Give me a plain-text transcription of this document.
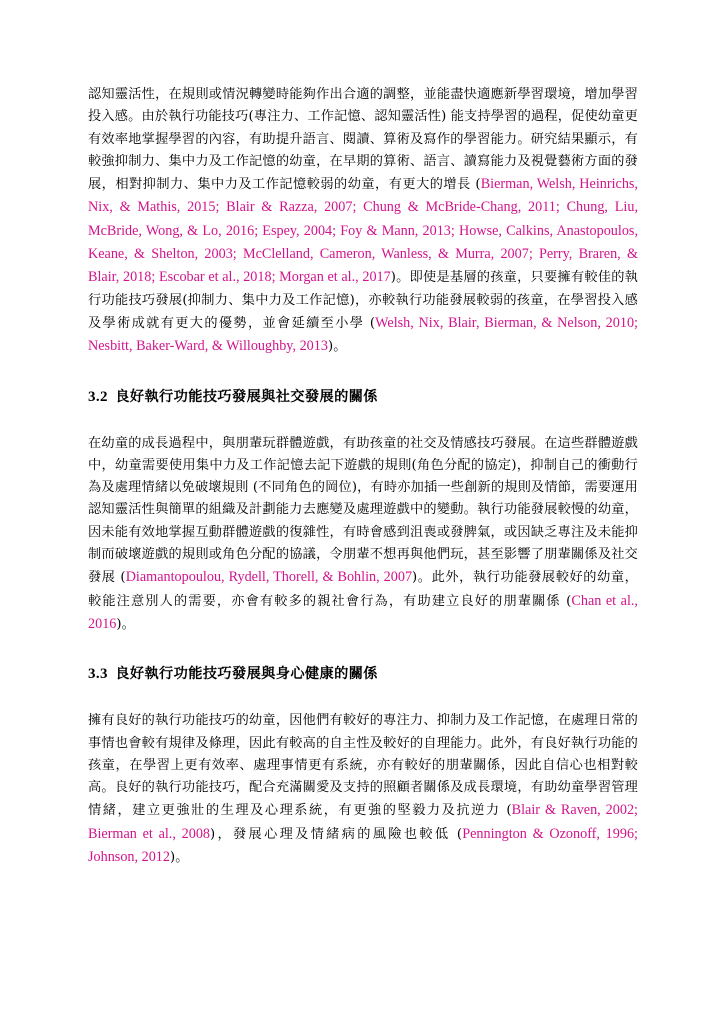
認知靈活性，在規則或情況轉變時能夠作出合適的調整，並能盡快適應新學習環境，增加學習投入感。由於執行功能技巧(專注力、工作記憶、認知靈活性) 能支持學習的過程，促使幼童更有效率地掌握學習的內容，有助提升語言、閱讀、算術及寫作的學習能力。研究結果顯示，有較強抑制力、集中力及工作記憶的幼童，在早期的算術、語言、讀寫能力及視覺藝術方面的發展，相對抑制力、集中力及工作記憶較弱的幼童，有更大的增長 (Bierman, Welsh, Heinrichs, Nix, & Mathis, 2015; Blair & Razza, 2007; Chung & McBride-Chang, 2011; Chung, Liu, McBride, Wong, & Lo, 2016; Espey, 2004; Foy & Mann, 2013; Howse, Calkins, Anastopoulos, Keane, & Shelton, 2003; McClelland, Cameron, Wanless, & Murra, 2007; Perry, Braren, & Blair, 2018; Escobar et al., 2018; Morgan et al., 2017)。即使是基層的孩童，只要擁有較佳的執行功能技巧發展(抑制力、集中力及工作記憶)，亦較執行功能發展較弱的孩童，在學習投入感及學術成就有更大的優勢，並會延續至小學 (Welsh, Nix, Blair, Bierman, & Nelson, 2010; Nesbitt, Baker-Ward, & Willoughby, 2013)。

3.2 良好執行功能技巧發展與社交發展的關係

在幼童的成長過程中，與朋輩玩群體遊戲，有助孩童的社交及情感技巧發展。在這些群體遊戲中，幼童需要使用集中力及工作記憶去記下遊戲的規則(角色分配的協定)，抑制自己的衝動行為及處理情緒以免破壞規則 (不同角色的岡位)，有時亦加插一些創新的規則及情節，需要運用認知靈活性與簡單的組織及計劃能力去應變及處理遊戲中的變動。執行功能發展較慢的幼童，因未能有效地掌握互動群體遊戲的復雜性，有時會感到沮喪或發脾氣，或因缺乏專注及未能抑制而破壞遊戲的規則或角色分配的協議，令朋輩不想再與他們玩，甚至影響了朋輩關係及社交發展 (Diamantopoulou, Rydell, Thorell, & Bohlin, 2007)。此外，執行功能發展較好的幼童，較能注意別人的需要，亦會有較多的親社會行為，有助建立良好的朋輩關係 (Chan et al., 2016)。

3.3 良好執行功能技巧發展與身心健康的關係

擁有良好的執行功能技巧的幼童，因他們有較好的專注力、抑制力及工作記憶，在處理日常的事情也會較有規律及條理，因此有較高的自主性及較好的自理能力。此外，有良好執行功能的孩童，在學習上更有效率、處理事情更有系統，亦有較好的朋輩關係，因此自信心也相對較高。良好的執行功能技巧，配合充滿關愛及支持的照顧者關係及成長環境，有助幼童學習管理情緒，建立更強壯的生理及心理系統，有更強的堅毅力及抗逆力 (Blair & Raven, 2002; Bierman et al., 2008)，發展心理及情緒病的風險也較低 (Pennington & Ozonoff, 1996; Johnson, 2012)。
